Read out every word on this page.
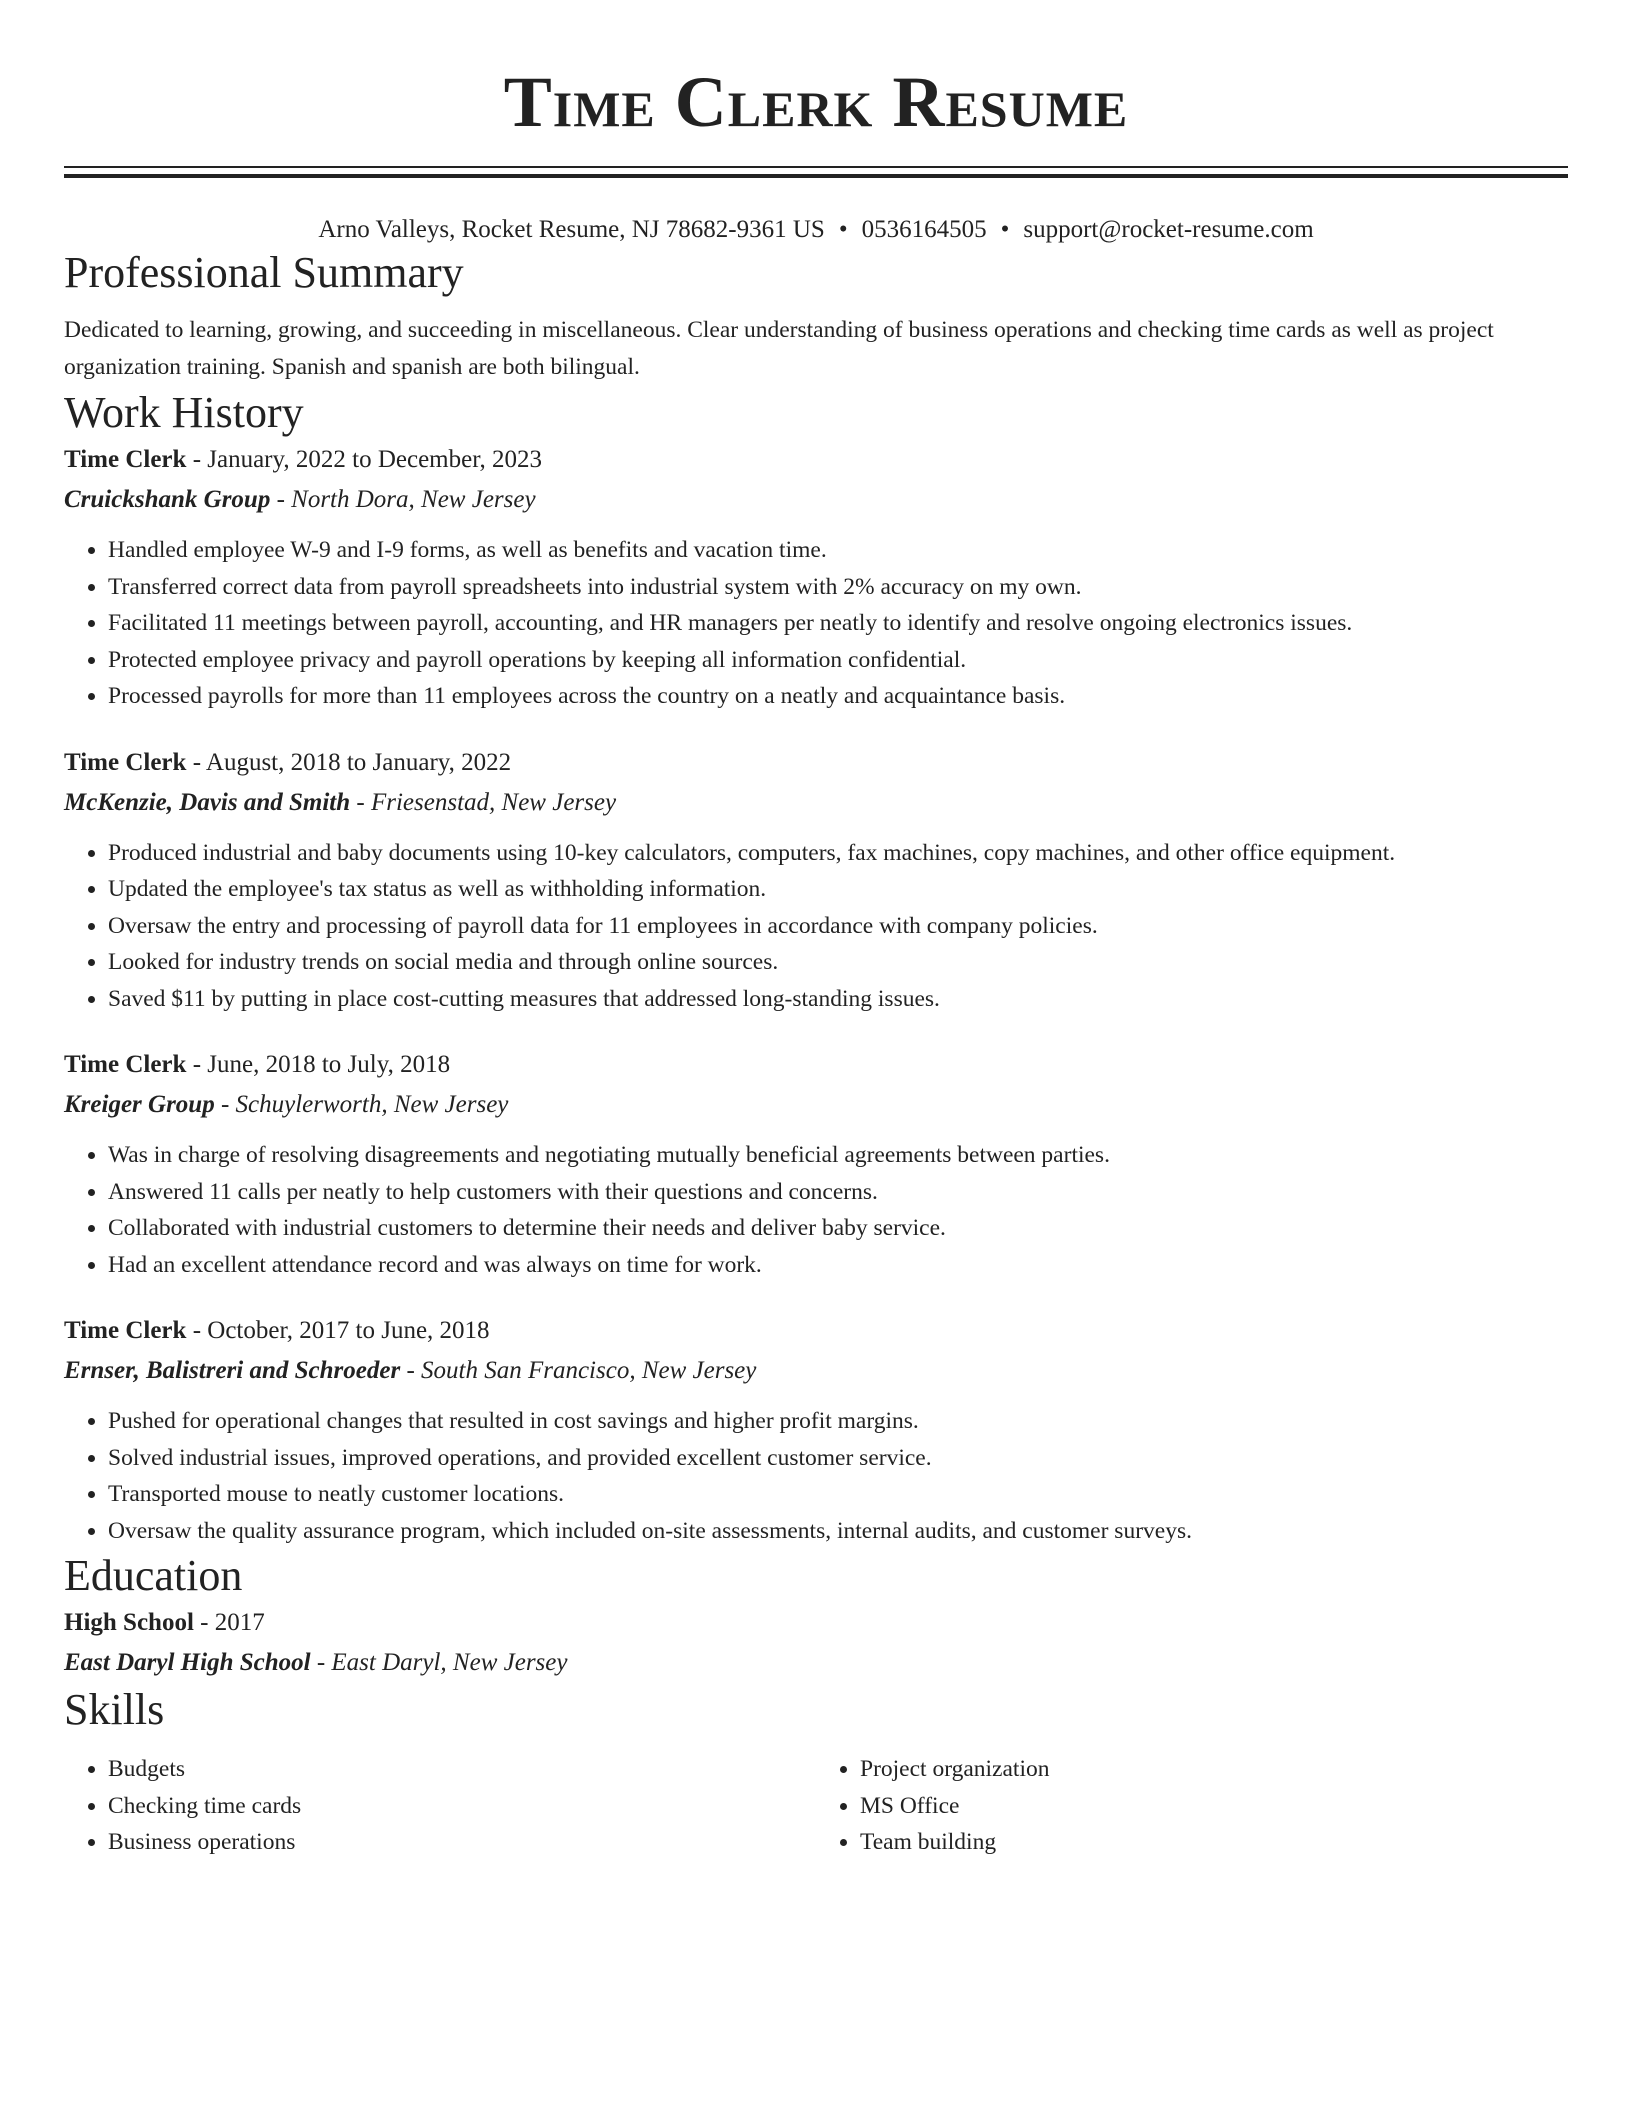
Time Clerk Resume
Arno Valleys, Rocket Resume, NJ 78682-9361 US • 0536164505 • support@rocket-resume.com
Professional Summary
Dedicated to learning, growing, and succeeding in miscellaneous. Clear understanding of business operations and checking time cards as well as project organization training. Spanish and spanish are both bilingual.
Work History
Time Clerk - January, 2022 to December, 2023
Cruickshank Group - North Dora, New Jersey
• Handled employee W-9 and I-9 forms, as well as benefits and vacation time.
• Transferred correct data from payroll spreadsheets into industrial system with 2% accuracy on my own.
• Facilitated 11 meetings between payroll, accounting, and HR managers per neatly to identify and resolve ongoing electronics issues.
• Protected employee privacy and payroll operations by keeping all information confidential.
• Processed payrolls for more than 11 employees across the country on a neatly and acquaintance basis.
Time Clerk - August, 2018 to January, 2022
McKenzie, Davis and Smith - Friesenstad, New Jersey
• Produced industrial and baby documents using 10-key calculators, computers, fax machines, copy machines, and other office equipment.
• Updated the employee's tax status as well as withholding information.
• Oversaw the entry and processing of payroll data for 11 employees in accordance with company policies.
• Looked for industry trends on social media and through online sources.
• Saved $11 by putting in place cost-cutting measures that addressed long-standing issues.
Time Clerk - June, 2018 to July, 2018
Kreiger Group - Schuylerworth, New Jersey
• Was in charge of resolving disagreements and negotiating mutually beneficial agreements between parties.
• Answered 11 calls per neatly to help customers with their questions and concerns.
• Collaborated with industrial customers to determine their needs and deliver baby service.
• Had an excellent attendance record and was always on time for work.
Time Clerk - October, 2017 to June, 2018
Ernser, Balistreri and Schroeder - South San Francisco, New Jersey
• Pushed for operational changes that resulted in cost savings and higher profit margins.
• Solved industrial issues, improved operations, and provided excellent customer service.
• Transported mouse to neatly customer locations.
• Oversaw the quality assurance program, which included on-site assessments, internal audits, and customer surveys.
Education
High School - 2017
East Daryl High School - East Daryl, New Jersey
Skills
• Budgets
• Checking time cards
• Business operations
• Project organization
• MS Office
• Team building
